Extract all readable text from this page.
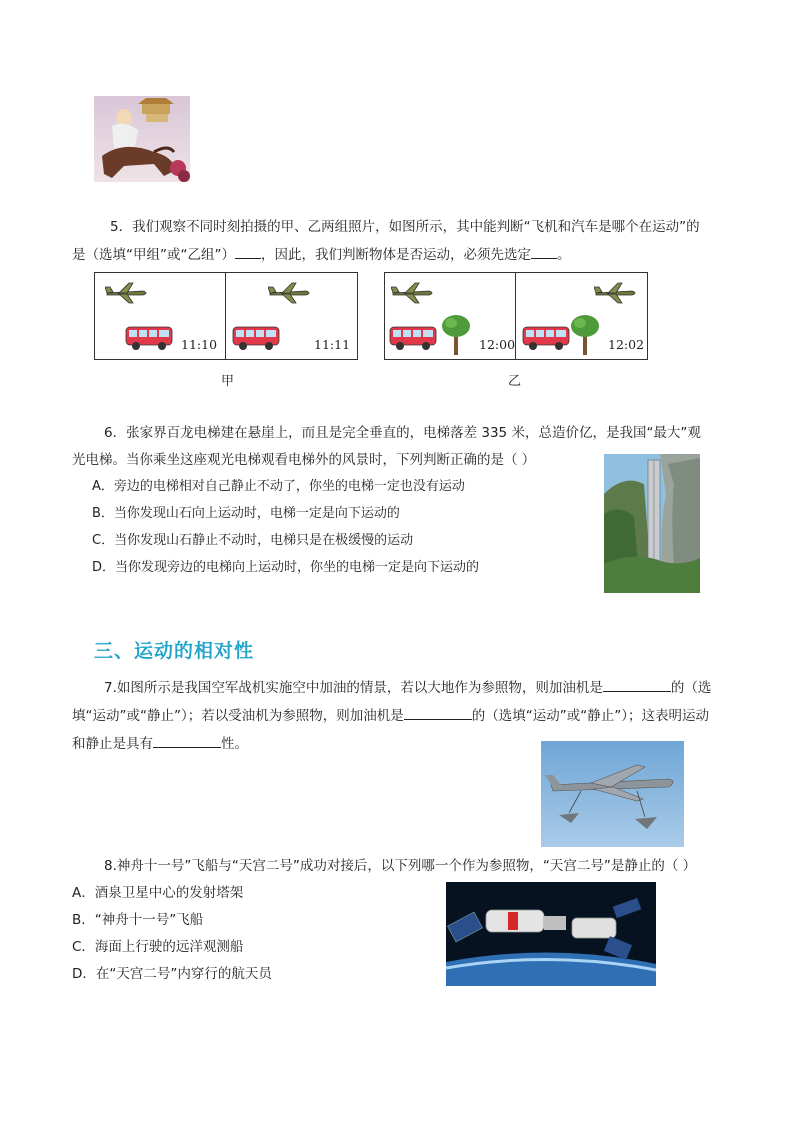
5．我们观察不同时刻拍摄的甲、乙两组照片，如图所示，其中能判断“飞机和汽车是哪个在运动”的
是（选填“甲组”或“乙组”） ，因此，我们判断物体是否运动，必须先选定 。
11:10	11:11
甲
12:00	12:02
乙
6．张家界百龙电梯建在悬崖上，而且是完全垂直的，电梯落差 335 米，总造价亿，是我国“最大”观
光电梯。当你乘坐这座观光电梯观看电梯外的风景时，下列判断正确的是（ ）
A．旁边的电梯相对自己静止不动了，你坐的电梯一定也没有运动
B．当你发现山石向上运动时，电梯一定是向下运动的
C．当你发现山石静止不动时，电梯只是在极缓慢的运动
D．当你发现旁边的电梯向上运动时，你坐的电梯一定是向下运动的
三、运动的相对性
7.如图所示是我国空军战机实施空中加油的情景，若以大地作为参照物，则加油机是	的（选
填“运动”或“静止”）；若以受油机为参照物，则加油机是	的（选填“运动”或“静止”）；这表明运动
和静止是具有	性。
8.神舟十一号”飞船与“天宫二号”成功对接后，以下列哪一个作为参照物，“天宫二号”是静止的（ ）
A．酒泉卫星中心的发射塔架
B．“神舟十一号”飞船
C．海面上行驶的远洋观测船
D．在“天宫二号”内穿行的航天员
